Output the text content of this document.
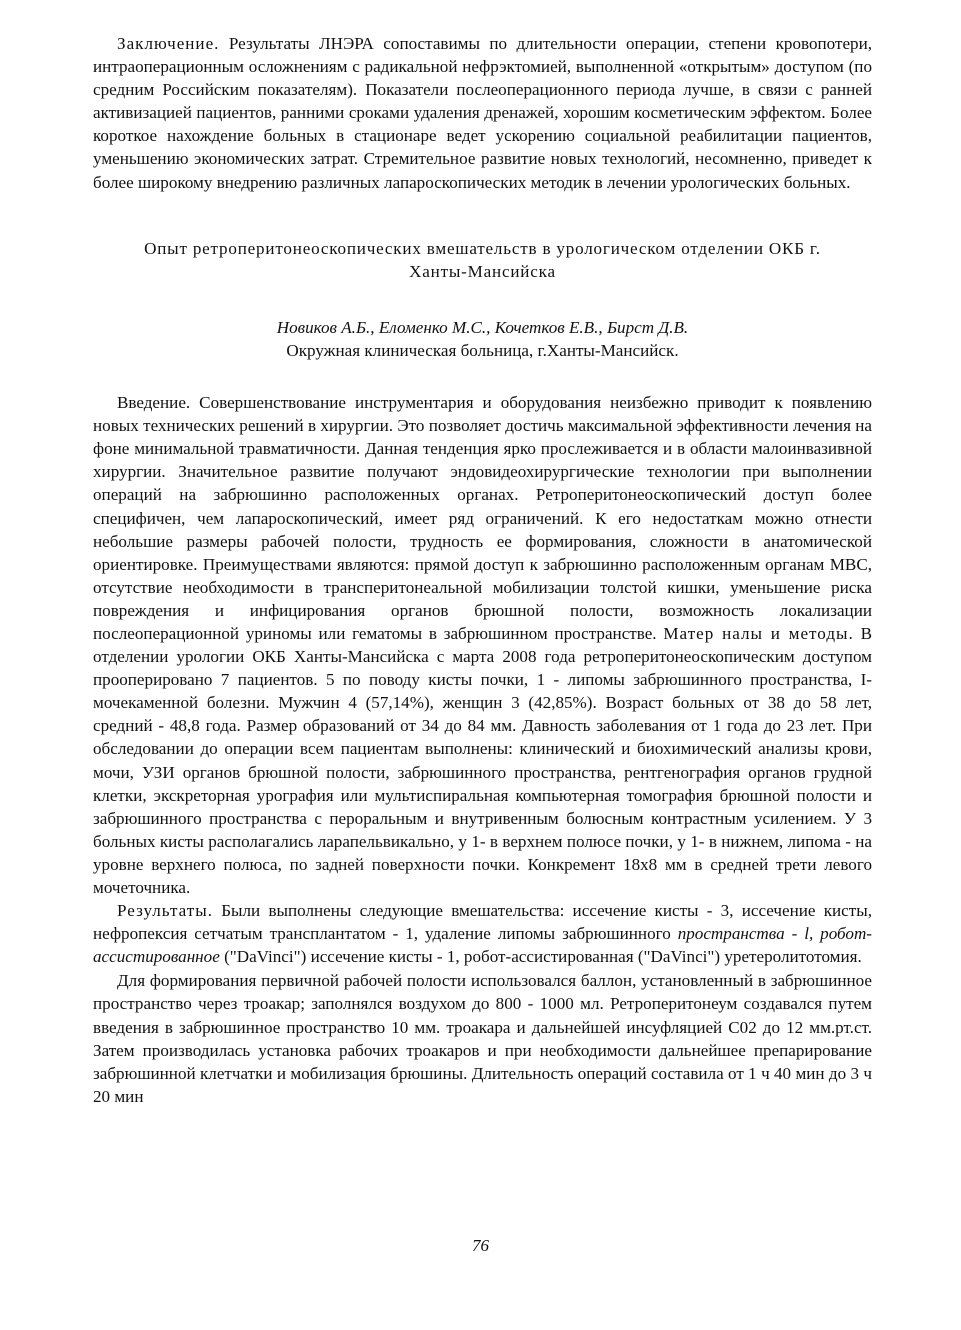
Заключение. Результаты ЛНЭРА сопоставимы по длительности операции, степени кровопотери, интраоперационным осложнениям с радикальной нефрэктомией, выполненной «открытым» доступом (по средним Российским показателям). Показатели послеоперационного периода лучше, в связи с ранней активизацией пациентов, ранними сроками удаления дренажей, хорошим косметическим эффектом. Более короткое нахождение больных в стационаре ведет ускорению социальной реабилитации пациентов, уменьшению экономических затрат. Стремительное развитие новых технологий, несомненно, приведет к более широкому внедрению различных лапароскопических методик в лечении урологических больных.

Опыт ретроперитонеоскопических вмешательств в урологическом отделении ОКБ г.

Ханты-Мансийска

Новиков А.Б., Еломенко М.С., Кочетков Е.В., Бирст Д.В.

Окружная клиническая больница, г.Ханты-Мансийск.

Введение. Совершенствование инструментария и оборудования неизбежно приводит к появлению новых технических решений в хирургии. Это позволяет достичь максимальной эффективности лечения на фоне минимальной травматичности. Данная тенденция ярко прослеживается и в области малоинвазивной хирургии. Значительное развитие получают эндовидеохирургические технологии при выполнении операций на забрюшинно расположенных органах. Ретроперитонеоскопический доступ более специфичен, чем лапароскопический, имеет ряд ограничений. К его недостаткам можно отнести небольшие размеры рабочей полости, трудность ее формирования, сложности в анатомической ориентировке. Преимуществами являются: прямой доступ к забрюшинно расположенным органам МВС, отсутствие необходимости в трансперитонеальной мобилизации толстой кишки, уменьшение риска повреждения и инфицирования органов брюшной полости, возможность локализации послеоперационной уриномы или гематомы в забрюшинном пространстве. Матер налы и методы. В отделении урологии ОКБ Ханты-Мансийска с марта 2008 года ретроперитонеоскопическим доступом прооперировано 7 пациентов. 5 по поводу кисты почки, 1 - липомы забрюшинного пространства, I- мочекаменной болезни. Мужчин 4 (57,14%), женщин 3 (42,85%). Возраст больных от 38 до 58 лет, средний - 48,8 года. Размер образований от 34 до 84 мм. Давность заболевания от 1 года до 23 лет. При обследовании до операции всем пациентам выполнены: клинический и биохимический анализы крови, мочи, УЗИ органов брюшной полости, забрюшинного пространства, рентгенография органов грудной клетки, экскреторная урография или мультиспиральная компьютерная томография брюшной полости и забрюшинного пространства с пероральным и внутривенным болюсным контрастным усилением. У 3 больных кисты располагались ларапельвикально, у 1- в верхнем полюсе почки, у 1- в нижнем, липома - на уровне верхнего полюса, по задней поверхности почки. Конкремент 18х8 мм в средней трети левого мочеточника.

Результаты. Были выполнены следующие вмешательства: иссечение кисты - 3, иссечение кисты, нефропексия сетчатым трансплантатом - 1, удаление липомы забрюшинного пространства - l, робот-ассистированное ("DaVinci") иссечение кисты - 1, робот-ассистированная ("DaVinci") уретеролитотомия.

Для формирования первичной рабочей полости использовался баллон, установленный в забрюшинное пространство через троакар; заполнялся воздухом до 800 - 1000 мл. Ретроперитонеум создавался путем введения в забрюшинное пространство 10 мм. троакара и дальнейшей инсуфляцией С02 до 12 мм.рт.ст. Затем производилась установка рабочих троакаров и при необходимости дальнейшее препарирование забрюшинной клетчатки и мобилизация брюшины. Длительность операций составила от 1 ч 40 мин до 3 ч 20 мин

76
